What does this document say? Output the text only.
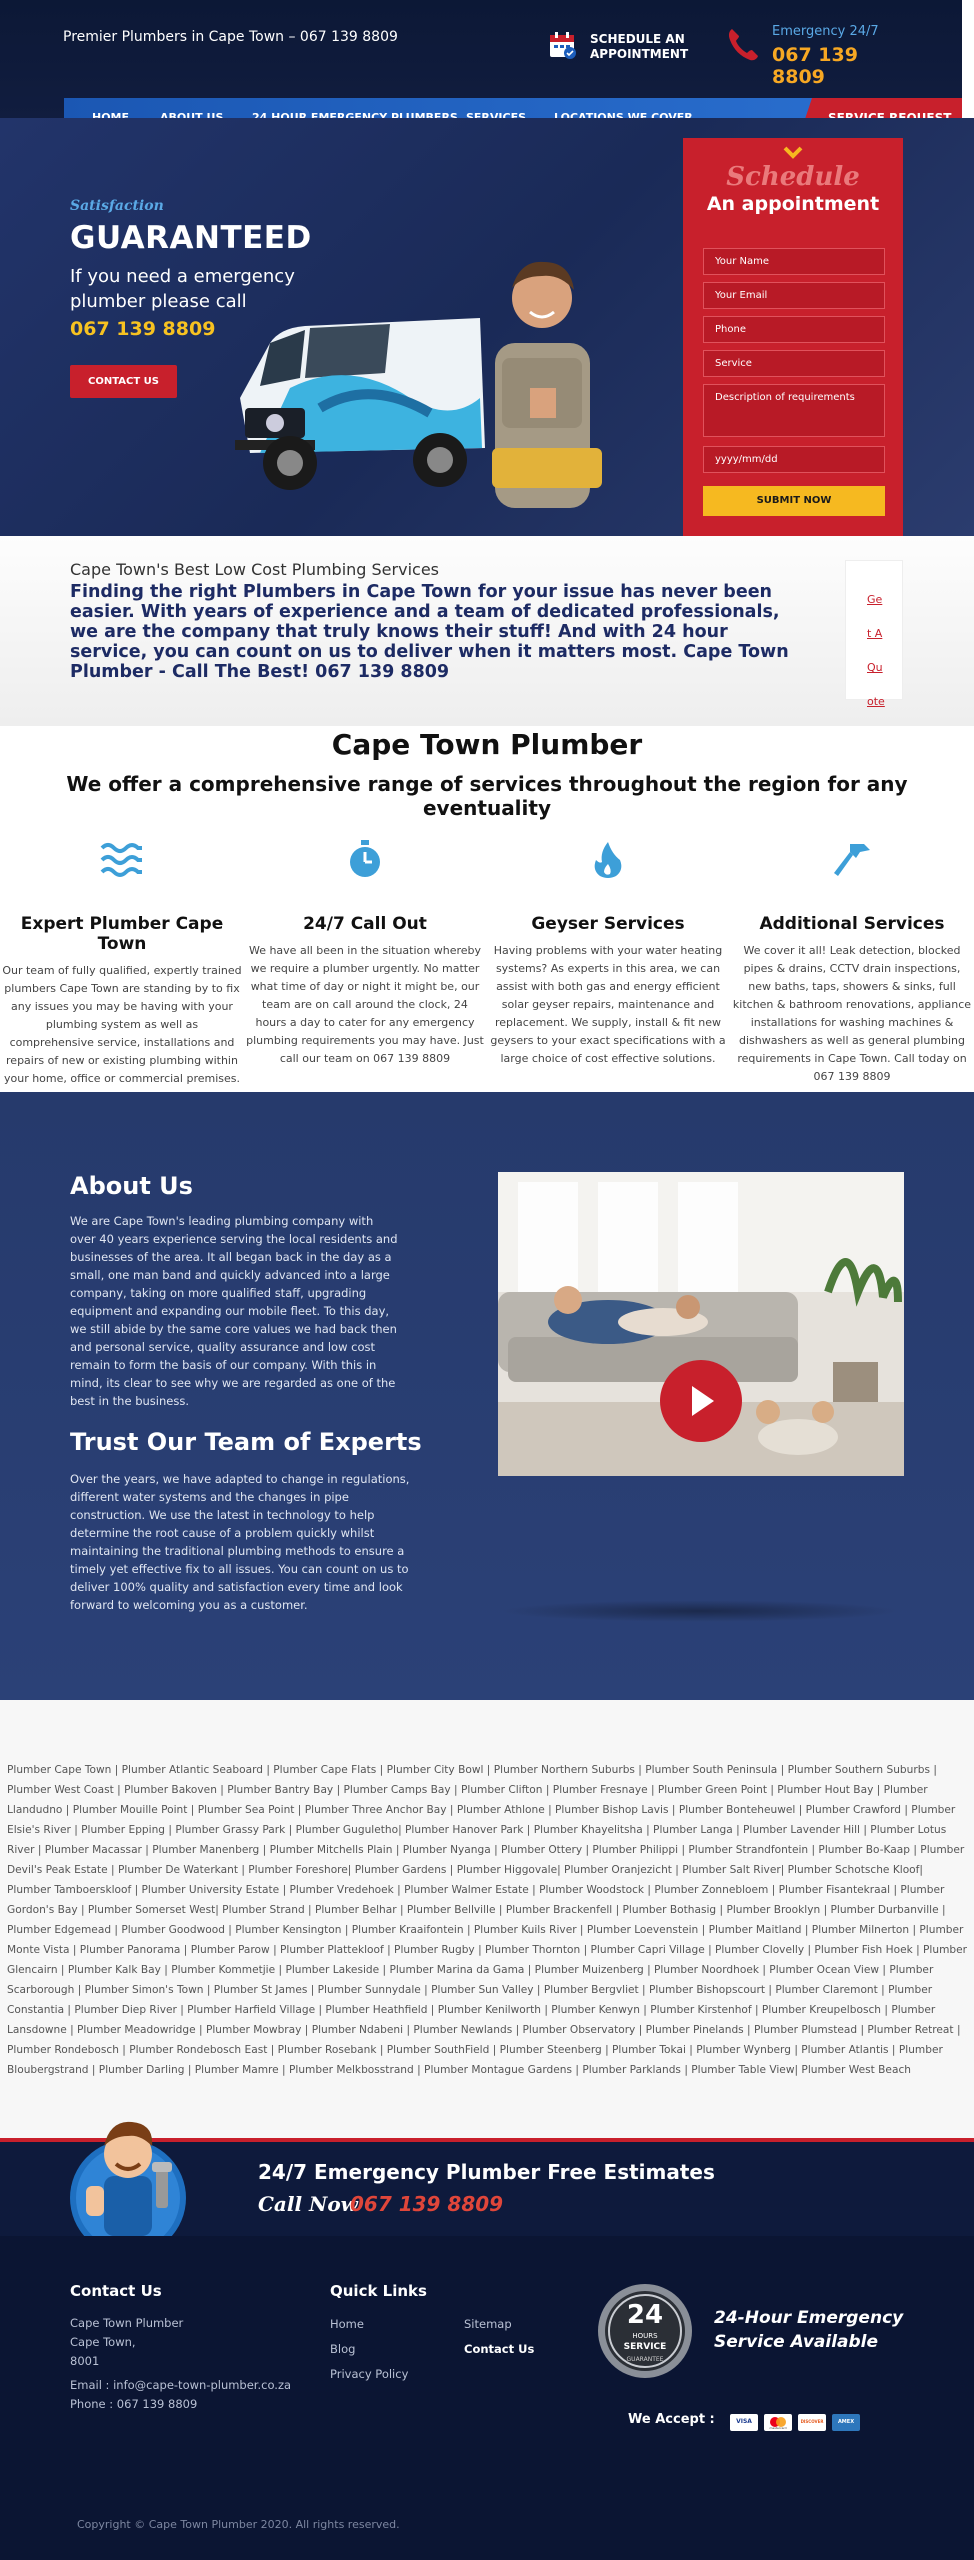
Premier Plumbers in Cape Town – 067 139 8809	SCHEDULE AN
APPOINTMENT
Emergency 24/7
067 139 8809
Satisfaction
GUARANTEED
If you need a emergency plumber please call
067 139 8809
CONTACT US
Schedule
An appointment
Your Name
Your Email
Phone
Service
Description of requirements
yyyy/mm/dd
SUBMIT NOW
Cape Town's Best Low Cost Plumbing Services
Finding the right Plumbers in Cape Town for your issue has never been easier. With years of experience and a team of dedicated professionals, we are the company that truly knows their stuff! And with 24 hour service, you can count on us to deliver when it matters most. Cape Town Plumber - Call The Best! 067 139 8809
Ge
t A
Qu
ote
Cape Town Plumber
We offer a comprehensive range of services throughout the region for any eventuality
Expert Plumber Cape Town
Our team of fully qualified, expertly trained plumbers Cape Town are standing by to fix any issues you may be having with your plumbing system as well as comprehensive service, installations and repairs of new or existing plumbing within your home, office or commercial premises.
24/7 Call Out
We have all been in the situation whereby we require a plumber urgently. No matter what time of day or night it might be, our team are on call around the clock, 24 hours a day to cater for any emergency plumbing requirements you may have. Just call our team on 067 139 8809
Geyser Services
Having problems with your water heating systems? As experts in this area, we can assist with both gas and energy efficient solar geyser repairs, maintenance and replacement. We supply, install & fit new geysers to your exact specifications with a large choice of cost effective solutions.
Additional Services
We cover it all! Leak detection, blocked pipes & drains, CCTV drain inspections, new baths, taps, showers & sinks, full kitchen & bathroom renovations, appliance installations for washing machines & dishwashers as well as general plumbing requirements in Cape Town. Call today on 067 139 8809
About Us
We are Cape Town's leading plumbing company with over 40 years experience serving the local residents and businesses of the area. It all began back in the day as a small, one man band and quickly advanced into a large company, taking on more qualified staff, upgrading equipment and expanding our mobile fleet. To this day, we still abide by the same core values we had back then and personal service, quality assurance and low cost remain to form the basis of our company. With this in mind, its clear to see why we are regarded as one of the best in the business.
Trust Our Team of Experts
Over the years, we have adapted to change in regulations, different water systems and the changes in pipe construction. We use the latest in technology to help determine the root cause of a problem quickly whilst maintaining the traditional plumbing methods to ensure a timely yet effective fix to all issues. You can count on us to deliver 100% quality and satisfaction every time and look forward to welcoming you as a customer.
Plumber Cape Town | Plumber Atlantic Seaboard | Plumber Cape Flats | Plumber City Bowl | Plumber Northern Suburbs | Plumber South Peninsula | Plumber Southern Suburbs | Plumber West Coast | Plumber Bakoven | Plumber Bantry Bay | Plumber Camps Bay | Plumber Clifton | Plumber Fresnaye | Plumber Green Point | Plumber Hout Bay | Plumber Llandudno | Plumber Mouille Point | Plumber Sea Point | Plumber Three Anchor Bay | Plumber Athlone | Plumber Bishop Lavis | Plumber Bonteheuwel | Plumber Crawford | Plumber Elsie's River | Plumber Epping | Plumber Grassy Park | Plumber Guguletho| Plumber Hanover Park | Plumber Khayelitsha | Plumber Langa | Plumber Lavender Hill | Plumber Lotus River | Plumber Macassar | Plumber Manenberg | Plumber Mitchells Plain | Plumber Nyanga | Plumber Ottery | Plumber Philippi | Plumber Strandfontein | Plumber Bo-Kaap | Plumber Devil's Peak Estate | Plumber De Waterkant | Plumber Foreshore| Plumber Gardens | Plumber Higgovale| Plumber Oranjezicht | Plumber Salt River| Plumber Schotsche Kloof| Plumber Tamboerskloof | Plumber University Estate | Plumber Vredehoek | Plumber Walmer Estate | Plumber Woodstock | Plumber Zonnebloem | Plumber Fisantekraal | Plumber Gordon's Bay | Plumber Somerset West| Plumber Strand | Plumber Belhar | Plumber Bellville | Plumber Brackenfell | Plumber Bothasig | Plumber Brooklyn | Plumber Durbanville | Plumber Edgemead | Plumber Goodwood | Plumber Kensington | Plumber Kraaifontein | Plumber Kuils River | Plumber Loevenstein | Plumber Maitland | Plumber Milnerton | Plumber Monte Vista | Plumber Panorama | Plumber Parow | Plumber Plattekloof | Plumber Rugby | Plumber Thornton | Plumber Capri Village | Plumber Clovelly | Plumber Fish Hoek | Plumber Glencairn | Plumber Kalk Bay | Plumber Kommetjie | Plumber Lakeside | Plumber Marina da Gama | Plumber Muizenberg | Plumber Noordhoek | Plumber Ocean View | Plumber Scarborough | Plumber Simon's Town | Plumber St James | Plumber Sunnydale | Plumber Sun Valley | Plumber Bergvliet | Plumber Bishopscourt | Plumber Claremont | Plumber Constantia | Plumber Diep River | Plumber Harfield Village | Plumber Heathfield | Plumber Kenilworth | Plumber Kenwyn | Plumber Kirstenhof | Plumber Kreupelbosch | Plumber Lansdowne | Plumber Meadowridge | Plumber Mowbray | Plumber Ndabeni | Plumber Newlands | Plumber Observatory | Plumber Pinelands | Plumber Plumstead | Plumber Retreat | Plumber Rondebosch | Plumber Rondebosch East | Plumber Rosebank | Plumber SouthField | Plumber Steenberg | Plumber Tokai | Plumber Wynberg | Plumber Atlantis | Plumber Bloubergstrand | Plumber Darling | Plumber Mamre | Plumber Melkbosstrand | Plumber Montague Gardens | Plumber Parklands | Plumber Table View| Plumber West Beach
24/7 Emergency Plumber Free Estimates
Call Now
067 139 8809
Contact Us
Cape Town Plumber
Cape Town,
8001
Email : info@cape-town-plumber.co.za
Phone : 067 139 8809
Quick Links
Home
Blog
Privacy Policy
Sitemap
Contact Us
24
HOURS
SERVICE
GUARANTEE
24-Hour Emergency
Service Available
We Accept :	VISA
mastercard
DISCOVER	AMEX
Copyright © Cape Town Plumber 2020. All rights reserved.
